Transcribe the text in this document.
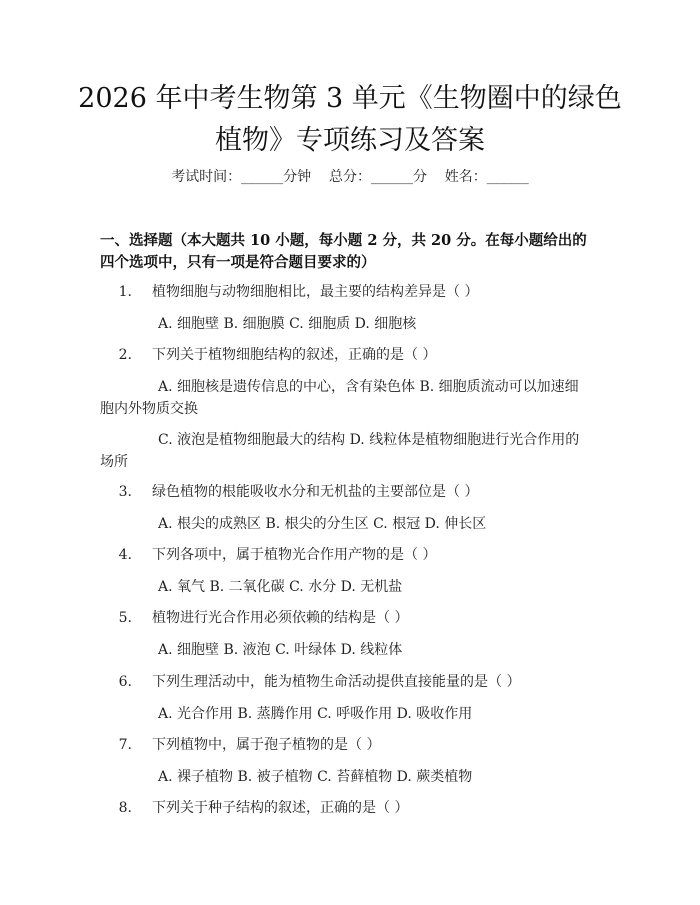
2026 年中考生物第 3 单元《生物圈中的绿色
植物》专项练习及答案
考试时间：______分钟    总分：______分    姓名：______
一、选择题（本大题共 10 小题，每小题 2 分，共 20 分。在每小题给出的四个选项中，只有一项是符合题目要求的）
1. 植物细胞与动物细胞相比，最主要的结构差异是（ ）
A. 细胞壁 B. 细胞膜 C. 细胞质 D. 细胞核
2. 下列关于植物细胞结构的叙述，正确的是（ ）
A. 细胞核是遗传信息的中心，含有染色体 B. 细胞质流动可以加速细胞内外物质交换
C. 液泡是植物细胞最大的结构 D. 线粒体是植物细胞进行光合作用的场所
3. 绿色植物的根能吸收水分和无机盐的主要部位是（ ）
A. 根尖的成熟区 B. 根尖的分生区 C. 根冠 D. 伸长区
4. 下列各项中，属于植物光合作用产物的是（ ）
A. 氧气 B. 二氧化碳 C. 水分 D. 无机盐
5. 植物进行光合作用必须依赖的结构是（ ）
A. 细胞壁 B. 液泡 C. 叶绿体 D. 线粒体
6. 下列生理活动中，能为植物生命活动提供直接能量的是（ ）
A. 光合作用 B. 蒸腾作用 C. 呼吸作用 D. 吸收作用
7. 下列植物中，属于孢子植物的是（ ）
A. 裸子植物 B. 被子植物 C. 苔藓植物 D. 蕨类植物
8. 下列关于种子结构的叙述，正确的是（ ）
